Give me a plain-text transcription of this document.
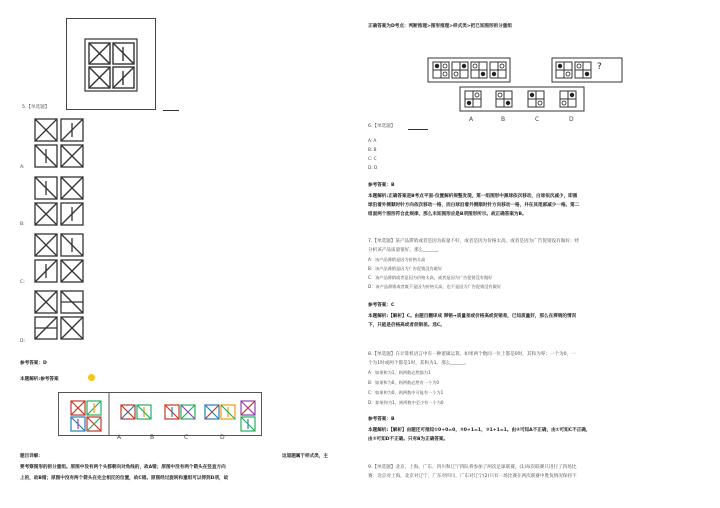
5.【单选题】
A:
B:
C:
D:
参考答案：D
本题解析:参考答案
A	B	C	D
题目详解：	这道题属于样式类，主
要考察图形的拆分重组。原图中没有两个头都朝向对角线的，故A错；原图中没有两个箭头在竖直方向
上的，故B错；原图中没有两个箭头在完全相反的位置，故C错。原图经过旋转和重组可以得到D项，故
正确答案为D考点：判断推理>图形推理>样式类>把已知图形拆分重组
?
A	B	C	D
6.【单选题】
A: A
B: B
C: C
D: D
参考答案：B
本题解析:正确答案是B考点平面-位置解析规整发现，第一组图形中黑球依次移动，白球依次减少，即黑
球沿着外侧顺时针方向依次移动一格，而白球沿着外侧顺时针方向移动一格，并在其尾部减少一格。第二
组面两个图形符合此规律，那么未知图形应是B项图形所示。故正确答案为B。
7.【单选题】某产品滞销或者是因为质量不好，或者是因为价格太高。或者是因为广告促销没有做好；经
分析该产品质量很好，那么______。
A：该产品滞销是因为价格太高
B：该产品滞销是因为广告促销没有做好
C：该产品滞销或者是因为价格太高，或者是因为广告促销没有做好
D：该产品滞销或者既不是因为价格太高，也不是因为广告促销没有做好
参考答案：C
本题解析:【解析】C。由题目翻译成 滞销→质量差或价格高或促销差，已知质量好，那么在滞销的情况
下，只能是价格高或者促销差。选C。
8.【单选题】在计算机语言中有一种逻辑运算，如果两个数同一位上都是0时，其和为零；一个为0，一
个为1时或两个都是1时，其和为1。那么______。
A：如果和为1，则两数必然都为1
B：如果和为0，则两数必然有一个为0
C：如果和为0，则两数中可能有一个为1
D：如果和为1，则两数中至少有一个为0
参考答案：B
本题解析:【解析】由题还可推知①0+0=0，②0+1=1，③1+1=1。由③可知A不正确，由①可知C不正确，
由②可知D不正确。只有B为正确答案。
9.【单选题】北京、上海、广东、四川和辽宁四队将参加了两次足球联赛，(1)每次联赛只进行了四场比
赛：北京对上海，北京对辽宁，广东对四川，广东对辽宁(2)只有一场比赛在两次联赛中胜负情况保持不
